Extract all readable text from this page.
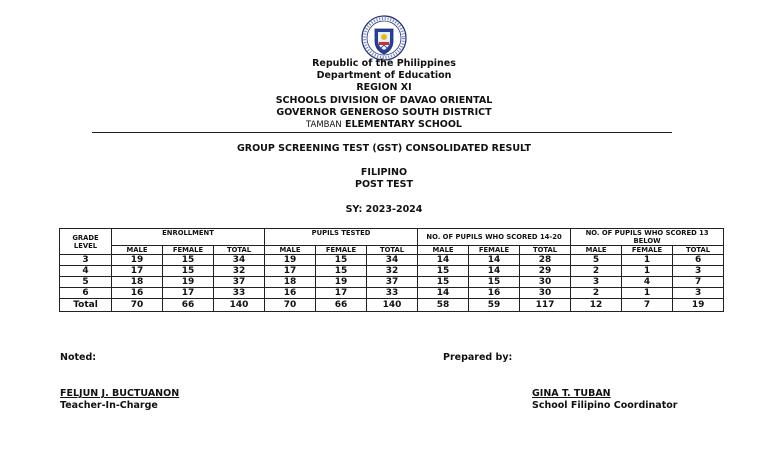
Republic of the Philippines
Department of Education
REGION XI
SCHOOLS DIVISION OF DAVAO ORIENTAL
GOVERNOR GENEROSO SOUTH DISTRICT
TAMBAN ELEMENTARY SCHOOL
GROUP SCREENING TEST (GST) CONSOLIDATED RESULT
FILIPINO
POST TEST
SY: 2023-2024
GRADE LEVEL	ENROLLMENT			PUPILS TESTED			NO. OF PUPILS WHO SCORED 14-20			NO. OF PUPILS WHO SCORED 13 BELOW		
	MALE	FEMALE	TOTAL	MALE	FEMALE	TOTAL	MALE	FEMALE	TOTAL	MALE	FEMALE	TOTAL
3	19	15	34	19	15	34	14	14	28	5	1	6
4	17	15	32	17	15	32	15	14	29	2	1	3
5	18	19	37	18	19	37	15	15	30	3	4	7
6	16	17	33	16	17	33	14	16	30	2	1	3
Total	70	66	140	70	66	140	58	59	117	12	7	19
Noted:	Prepared by:
FELJUN J. BUCTUANON
Teacher-In-Charge
GINA T. TUBAN
School Filipino Coordinator
